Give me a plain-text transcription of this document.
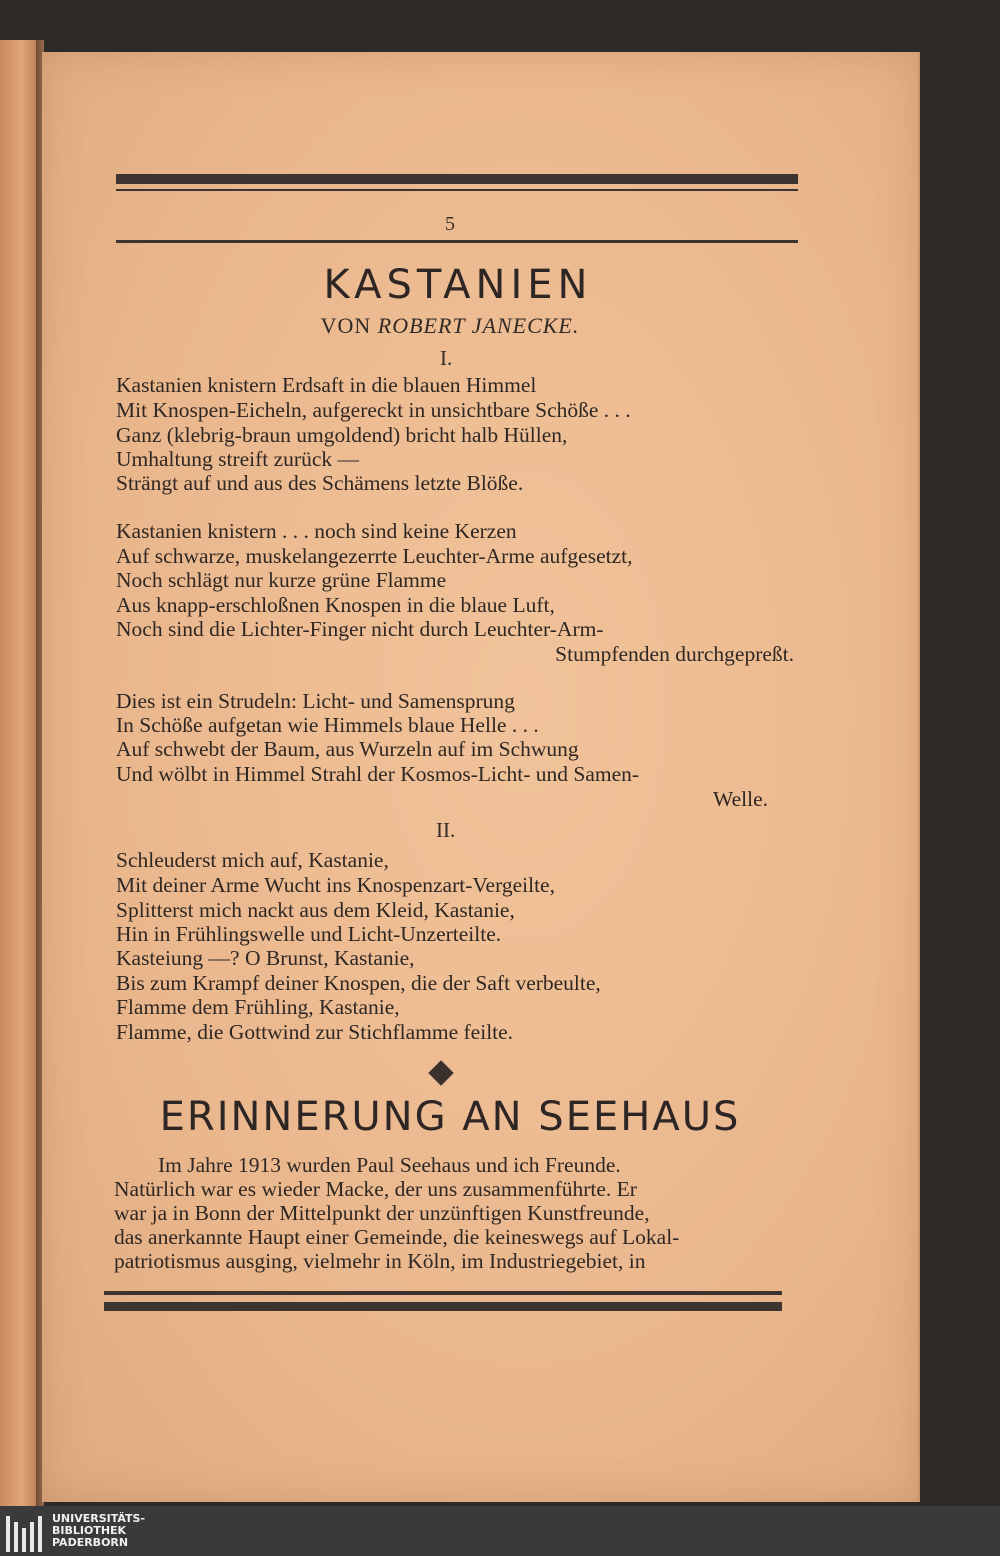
5
KASTANIEN
VON ROBERT JANECKE.
I.
Kastanien knistern Erdsaft in die blauen Himmel
Mit Knospen-Eicheln, aufgereckt in unsichtbare Schöße . . .
Ganz (klebrig-braun umgoldend) bricht halb Hüllen,
Umhaltung streift zurück —
Strängt auf und aus des Schämens letzte Blöße.
Kastanien knistern . . . noch sind keine Kerzen
Auf schwarze, muskelangezerrte Leuchter-Arme aufgesetzt,
Noch schlägt nur kurze grüne Flamme
Aus knapp-erschloßnen Knospen in die blaue Luft,
Noch sind die Lichter-Finger nicht durch Leuchter-Arm-
Stumpfenden durchgepreßt.
Dies ist ein Strudeln: Licht- und Samensprung
In Schöße aufgetan wie Himmels blaue Helle . . .
Auf schwebt der Baum, aus Wurzeln auf im Schwung
Und wölbt in Himmel Strahl der Kosmos-Licht- und Samen-
Welle.
II.
Schleuderst mich auf, Kastanie,
Mit deiner Arme Wucht ins Knospenzart-Vergeilte,
Splitterst mich nackt aus dem Kleid, Kastanie,
Hin in Frühlingswelle und Licht-Unzerteilte.
Kasteiung —? O Brunst, Kastanie,
Bis zum Krampf deiner Knospen, die der Saft verbeulte,
Flamme dem Frühling, Kastanie,
Flamme, die Gottwind zur Stichflamme feilte.
ERINNERUNG AN SEEHAUS
Im Jahre 1913 wurden Paul Seehaus und ich Freunde.
Natürlich war es wieder Macke, der uns zusammenführte. Er
war ja in Bonn der Mittelpunkt der unzünftigen Kunstfreunde,
das anerkannte Haupt einer Gemeinde, die keineswegs auf Lokal-
patriotismus ausging, vielmehr in Köln, im Industriegebiet, in
UNIVERSITÄTS-
BIBLIOTHEK
PADERBORN
